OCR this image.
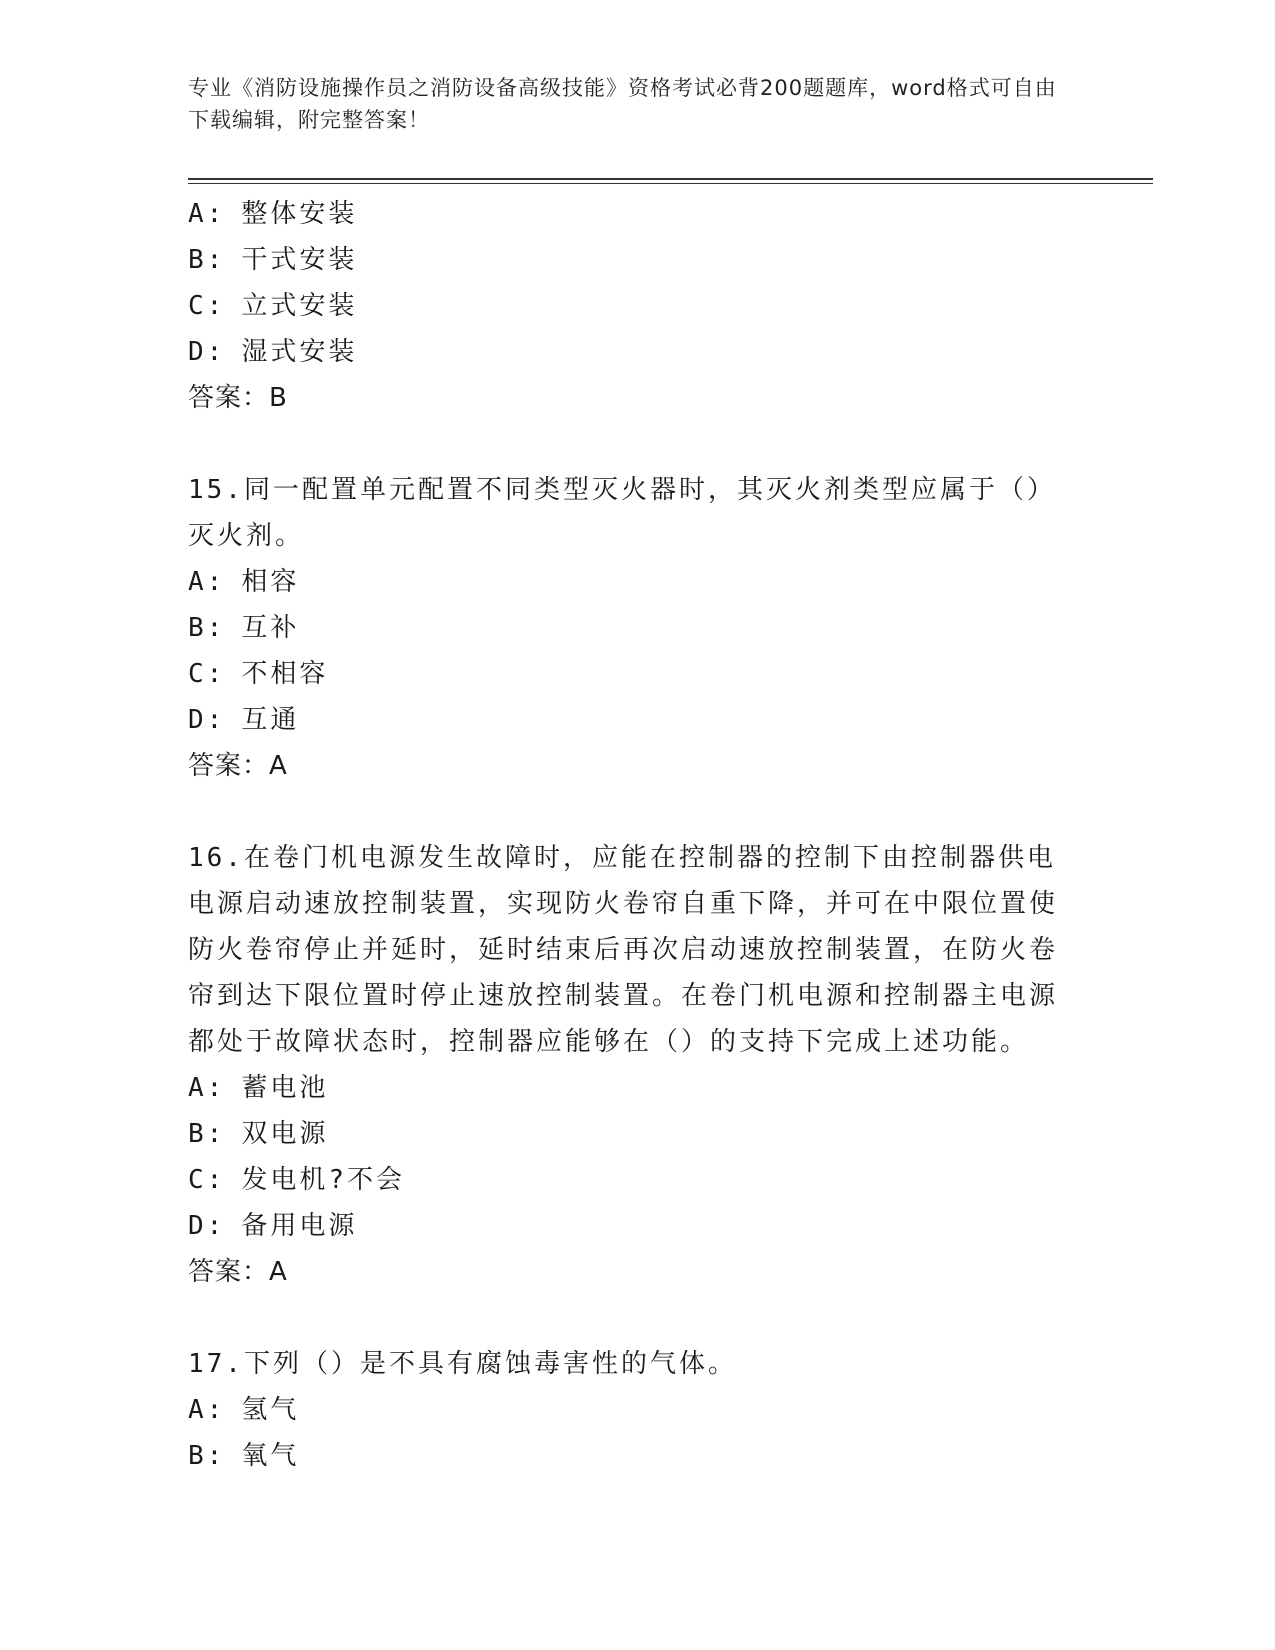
专业《消防设施操作员之消防设备高级技能》资格考试必背200题题库，word格式可自由下载编辑，附完整答案！
A: 整体安装
B: 干式安装
C: 立式安装
D: 湿式安装
答案：B
15.同一配置单元配置不同类型灭火器时，其灭火剂类型应属于（）灭火剂。
A: 相容
B: 互补
C: 不相容
D: 互通
答案：A
16.在卷门机电源发生故障时，应能在控制器的控制下由控制器供电电源启动速放控制装置，实现防火卷帘自重下降，并可在中限位置使防火卷帘停止并延时，延时结束后再次启动速放控制装置，在防火卷帘到达下限位置时停止速放控制装置。在卷门机电源和控制器主电源都处于故障状态时，控制器应能够在（）的支持下完成上述功能。
A: 蓄电池
B: 双电源
C: 发电机?不会
D: 备用电源
答案：A
17.下列（）是不具有腐蚀毒害性的气体。
A: 氢气
B: 氧气
